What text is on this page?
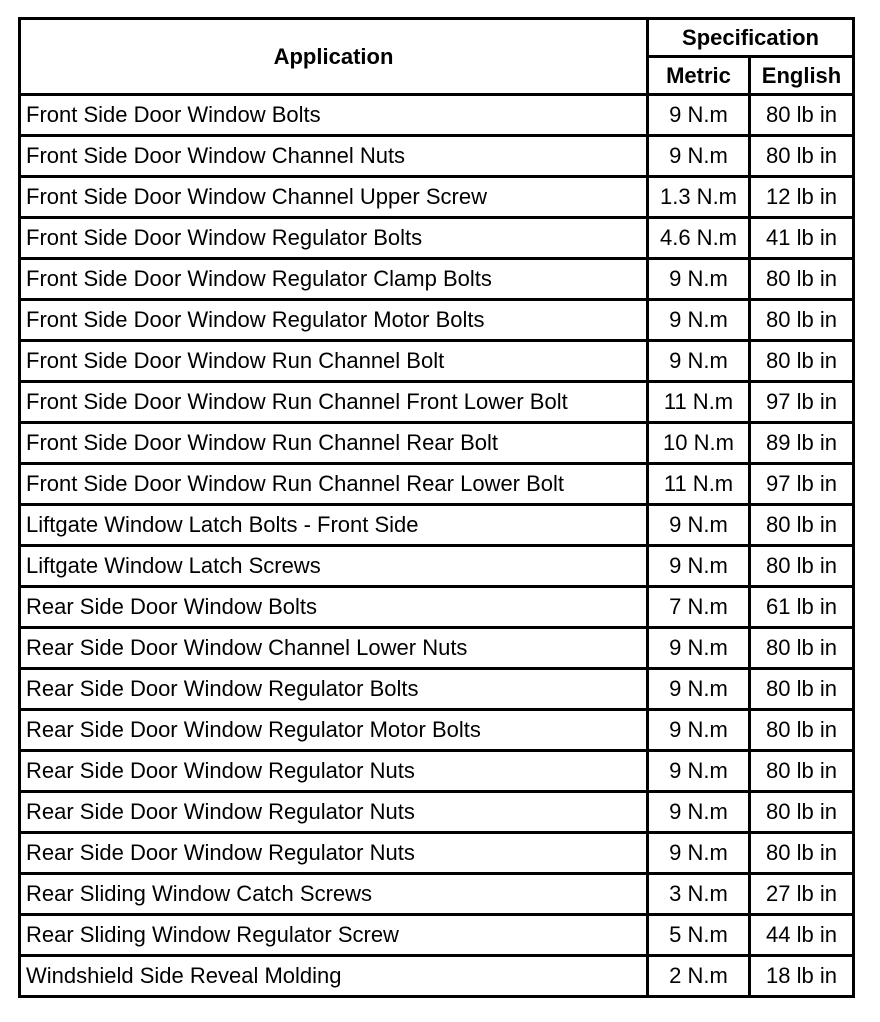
Application	Specification	
	Metric	English
Front Side Door Window Bolts	9 N.m	80 lb in
Front Side Door Window Channel Nuts	9 N.m	80 lb in
Front Side Door Window Channel Upper Screw	1.3 N.m	12 lb in
Front Side Door Window Regulator Bolts	4.6 N.m	41 lb in
Front Side Door Window Regulator Clamp Bolts	9 N.m	80 lb in
Front Side Door Window Regulator Motor Bolts	9 N.m	80 lb in
Front Side Door Window Run Channel Bolt	9 N.m	80 lb in
Front Side Door Window Run Channel Front Lower Bolt	11 N.m	97 lb in
Front Side Door Window Run Channel Rear Bolt	10 N.m	89 lb in
Front Side Door Window Run Channel Rear Lower Bolt	11 N.m	97 lb in
Liftgate Window Latch Bolts - Front Side	9 N.m	80 lb in
Liftgate Window Latch Screws	9 N.m	80 lb in
Rear Side Door Window Bolts	7 N.m	61 lb in
Rear Side Door Window Channel Lower Nuts	9 N.m	80 lb in
Rear Side Door Window Regulator Bolts	9 N.m	80 lb in
Rear Side Door Window Regulator Motor Bolts	9 N.m	80 lb in
Rear Side Door Window Regulator Nuts	9 N.m	80 lb in
Rear Side Door Window Regulator Nuts	9 N.m	80 lb in
Rear Side Door Window Regulator Nuts	9 N.m	80 lb in
Rear Sliding Window Catch Screws	3 N.m	27 lb in
Rear Sliding Window Regulator Screw	5 N.m	44 lb in
Windshield Side Reveal Molding	2 N.m	18 lb in
